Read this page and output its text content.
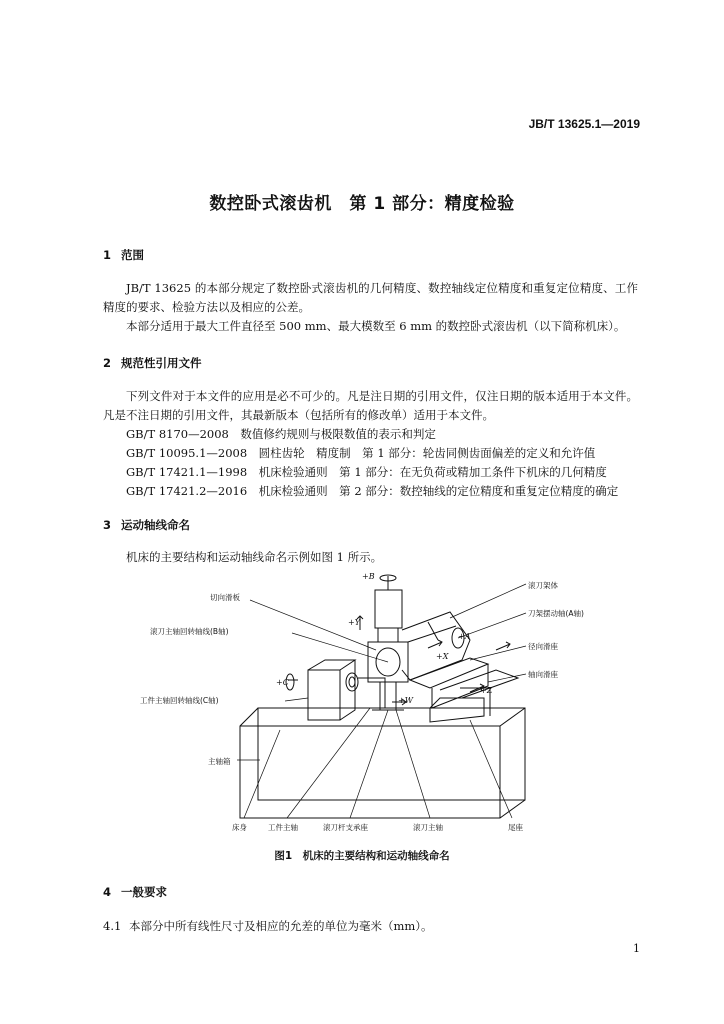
JB/T 13625.1—2019
数控卧式滚齿机　第 1 部分：精度检验
1 范围

JB/T 13625 的本部分规定了数控卧式滚齿机的几何精度、数控轴线定位精度和重复定位精度、工作精度的要求、检验方法以及相应的公差。

本部分适用于最大工件直径至 500 mm、最大模数至 6 mm 的数控卧式滚齿机（以下简称机床）。

2 规范性引用文件

下列文件对于本文件的应用是必不可少的。凡是注日期的引用文件，仅注日期的版本适用于本文件。凡是不注日期的引用文件，其最新版本（包括所有的修改单）适用于本文件。

GB/T 8170—2008　数值修约规则与极限数值的表示和判定
GB/T 10095.1—2008　圆柱齿轮　精度制　第 1 部分：轮齿同侧齿面偏差的定义和允许值
GB/T 17421.1—1998　机床检验通则　第 1 部分：在无负荷或精加工条件下机床的几何精度
GB/T 17421.2—2016　机床检验通则　第 2 部分：数控轴线的定位精度和重复定位精度的确定
3 运动轴线命名

机床的主要结构和运动轴线命名示例如图 1 所示。

切向滑板
滚刀主轴回转轴线(B轴)
工件主轴回转轴线(C轴)
主轴箱
床身	工件主轴	滚刀杆支承座	滚刀主轴	尾座
滚刀架体
刀架摆动轴(A轴)
径向滑座
轴向滑座
+B
+Y
+A
+X
+C
+Z
+W
图1　机床的主要结构和运动轴线命名
4 一般要求
4.1 本部分中所有线性尺寸及相应的允差的单位为毫米（mm）。
1
